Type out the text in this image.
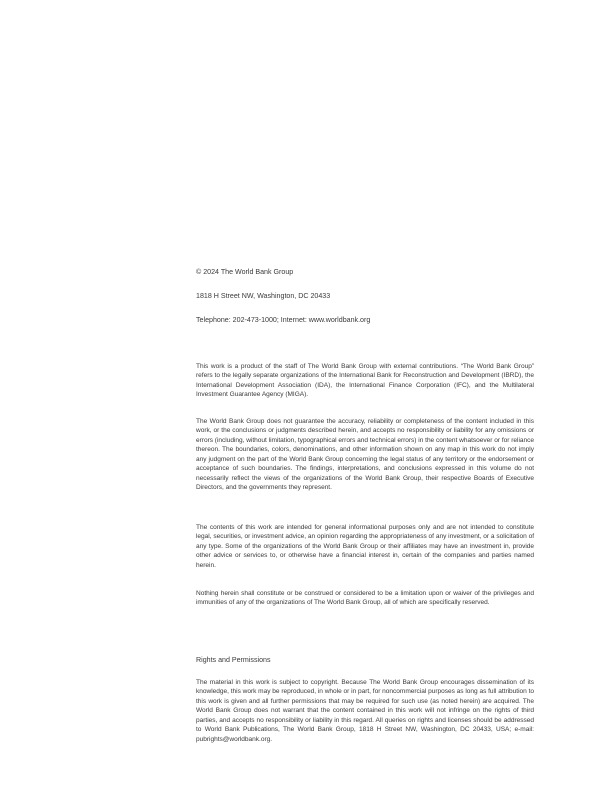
© 2024 The World Bank Group

1818 H Street NW, Washington, DC 20433

Telephone: 202-473-1000; Internet: www.worldbank.org

This work is a product of the staff of The World Bank Group with external contributions. “The World Bank Group” refers to the legally separate organizations of the International Bank for Reconstruction and Development (IBRD), the International Development Association (IDA), the International Finance Corporation (IFC), and the Multilateral Investment Guarantee Agency (MIGA).

The World Bank Group does not guarantee the accuracy, reliability or completeness of the content included in this work, or the conclusions or judgments described herein, and accepts no responsibility or liability for any omissions or errors (including, without limitation, typographical errors and technical errors) in the content whatsoever or for reliance thereon. The boundaries, colors, denominations, and other information shown on any map in this work do not imply any judgment on the part of the World Bank Group concerning the legal status of any territory or the endorsement or acceptance of such boundaries. The findings, interpretations, and conclusions expressed in this volume do not necessarily reflect the views of the organizations of the World Bank Group, their respective Boards of Executive Directors, and the governments they represent.

The contents of this work are intended for general informational purposes only and are not intended to constitute legal, securities, or investment advice, an opinion regarding the appropriateness of any investment, or a solicitation of any type. Some of the organizations of the World Bank Group or their affiliates may have an investment in, provide other advice or services to, or otherwise have a financial interest in, certain of the companies and parties named herein.

Nothing herein shall constitute or be construed or considered to be a limitation upon or waiver of the privileges and immunities of any of the organizations of The World Bank Group, all of which are specifically reserved.

Rights and Permissions

The material in this work is subject to copyright. Because The World Bank Group encourages dissemination of its knowledge, this work may be reproduced, in whole or in part, for noncommercial purposes as long as full attribution to this work is given and all further permissions that may be required for such use (as noted herein) are acquired. The World Bank Group does not warrant that the content contained in this work will not infringe on the rights of third parties, and accepts no responsibility or liability in this regard. All queries on rights and licenses should be addressed to World Bank Publications, The World Bank Group, 1818 H Street NW, Washington, DC 20433, USA; e-mail: pubrights@worldbank.org.
